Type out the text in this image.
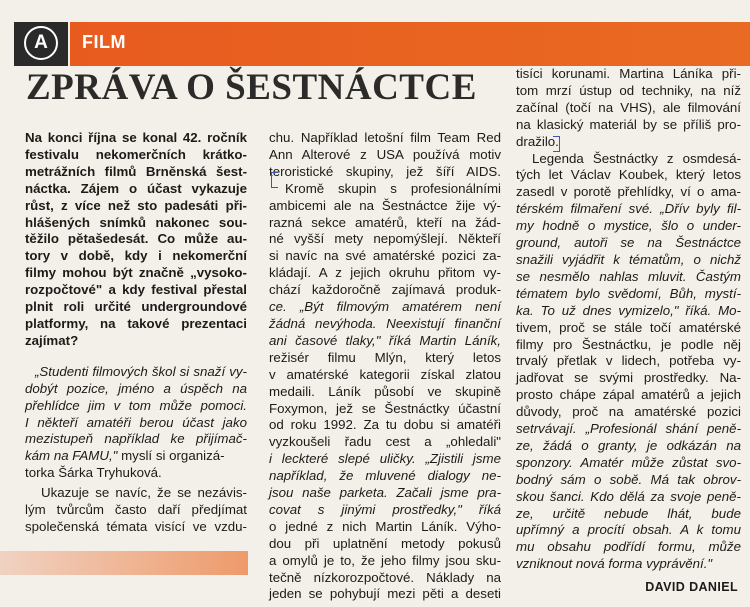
A	FILM
ZPRÁVA O ŠESTNÁCTCE
Na konci října se konal 42. ročník
festivalu nekomerčních krátko-
metrážních filmů Brněnská šest-
náctka. Zájem o účast vykazuje
růst, z více než sto padesáti při-
hlášených snímků nakonec sou-
těžilo pětašedesát. Co může au-
tory v době, kdy i nekomerční
filmy mohou být značně „vysoko-
rozpočtové" a kdy festival přestal
plnit roli určité undergroundové
platformy, na takové prezentaci
zajímat?
„Studenti filmových škol si snaží vy-
dobýt pozice, jméno a úspěch na
přehlídce jim v tom může pomoci.
I někteří amatéři berou účast jako
mezistupeň například ke přijímač-
kám na FAMU," myslí si organizá-
torka Šárka Tryhuková.
Ukazuje se navíc, že se nezávis-
lým tvůrcům často daří předjímat
společenská témata visící ve vzdu-
chu. Například letošní film Team Red
Ann Alterové z USA používá motiv
teroristické skupiny, jež šíří AIDS.
Kromě skupin s profesionálními
ambicemi ale na Šestnáctce žije vý-
razná sekce amatérů, kteří na žád-
né vyšší mety nepomýšlejí. Někteří
si navíc na své amatérské pozici za-
kládají. A z jejich okruhu přitom vy-
chází každoročně zajímavá produk-
ce. „Být filmovým amatérem není
žádná nevýhoda. Neexistují finanční
ani časové tlaky," říká Martin Láník,
režisér filmu Mlýn, který letos
v amatérské kategorii získal zlatou
medaili. Láník působí ve skupině
Foxymon, jež se Šestnáctky účastní
od roku 1992. Za tu dobu si amatéři
vyzkoušeli řadu cest a „ohledali"
i leckteré slepé uličky. „Zjistili jsme
například, že mluvené dialogy ne-
jsou naše parketa. Začali jsme pra-
covat s jinými prostředky," říká
o jedné z nich Martin Láník. Výho-
dou při uplatnění metody pokusů
a omylů je to, že jeho filmy jsou sku-
tečně nízkorozpočtové. Náklady na
jeden se pohybují mezi pěti a deseti
tisíci korunami. Martina Láníka při-
tom mrzí ústup od techniky, na níž
začínal (točí na VHS), ale filmování
na klasický materiál by se příliš pro-
dražilo.
Legenda Šestnáctky z osmdesá-
tých let Václav Koubek, který letos
zasedl v porotě přehlídky, ví o ama-
térském filmaření své. „Dřív byly fil-
my hodně o mystice, šlo o under-
ground, autoři se na Šestnáctce
snažili vyjádřit k tématům, o nichž
se nesmělo nahlas mluvit. Častým
tématem bylo svědomí, Bůh, mystí-
ka. To už dnes vymizelo," říká. Mo-
tivem, proč se stále točí amatérské
filmy pro Šestnáctku, je podle něj
trvalý přetlak v lidech, potřeba vy-
jadřovat se svými prostředky. Na-
prosto chápe zápal amatérů a jejich
důvody, proč na amatérské pozici
setrvávají. „Profesionál shání peně-
ze, žádá o granty, je odkázán na
sponzory. Amatér může zůstat svo-
bodný sám o sobě. Má tak obrov-
skou šanci. Kdo dělá za svoje peně-
ze, určitě nebude lhát, bude
upřímný a procítí obsah. A k tomu
mu obsahu podřídí formu, může
vzniknout nová forma vyprávění."
DAVID DANIEL
